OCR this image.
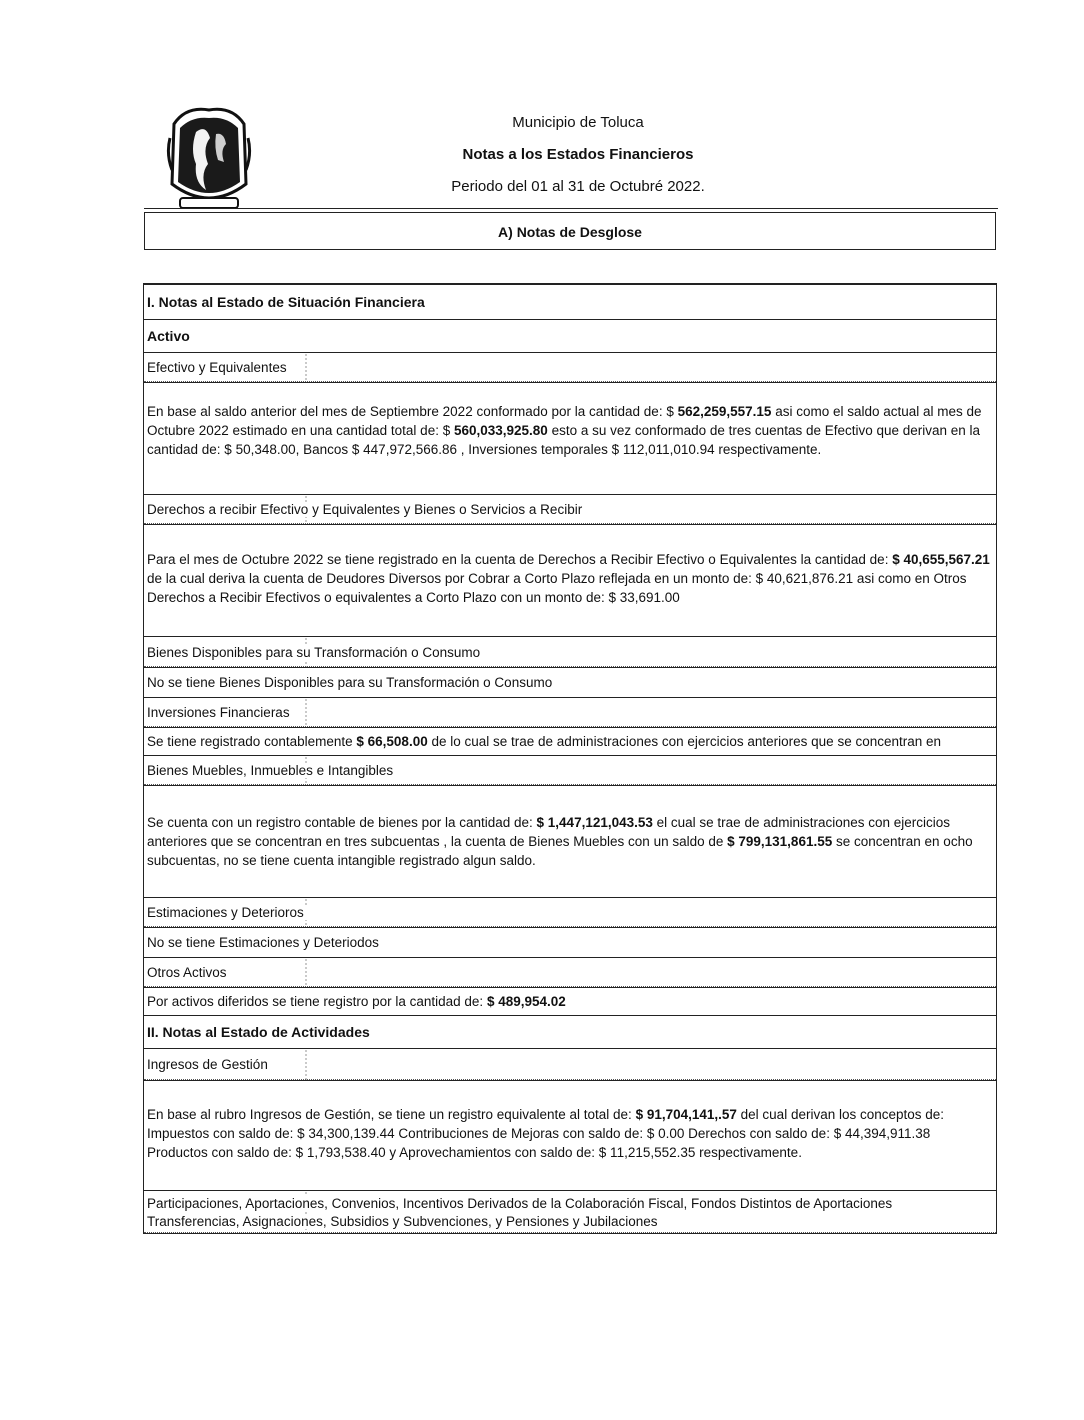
Municipio de Toluca
Notas a los Estados Financieros
Periodo del 01 al 31 de Octubré 2022.
A) Notas de Desglose
I. Notas al Estado de Situación Financiera
Activo
Efectivo y Equivalentes
En base al saldo anterior del mes de Septiembre 2022 conformado por la cantidad de: $ 562,259,557.15 asi como el saldo actual al mes de Octubre 2022 estimado en una cantidad total de: $ 560,033,925.80 esto a su vez conformado de tres cuentas de Efectivo que derivan en la cantidad de: $ 50,348.00, Bancos $ 447,972,566.86 , Inversiones temporales $ 112,011,010.94 respectivamente.
Derechos a recibir Efectivo y Equivalentes y Bienes o Servicios a Recibir
Para el mes de Octubre 2022 se tiene registrado en la cuenta de Derechos a Recibir Efectivo o Equivalentes la cantidad de: $ 40,655,567.21 de la cual deriva la cuenta de Deudores Diversos por Cobrar a Corto Plazo reflejada en un monto de: $ 40,621,876.21 asi como en Otros Derechos a Recibir Efectivos o equivalentes a Corto Plazo con un monto de: $ 33,691.00
Bienes Disponibles para su Transformación o Consumo
No se tiene Bienes Disponibles para su Transformación o Consumo
Inversiones Financieras
Se tiene registrado contablemente $ 66,508.00 de lo cual se trae de administraciones con ejercicios anteriores que se concentran en
Bienes Muebles, Inmuebles e Intangibles
Se cuenta con un registro contable de bienes por la cantidad de: $ 1,447,121,043.53 el cual se trae de administraciones con ejercicios anteriores que se concentran en tres subcuentas , la cuenta de Bienes Muebles con un saldo de $ 799,131,861.55 se concentran en ocho subcuentas, no se tiene cuenta intangible registrado algun saldo.
Estimaciones y Deterioros
No se tiene Estimaciones y Deteriodos
Otros Activos
Por activos diferidos se tiene registro por la cantidad de: $ 489,954.02
II. Notas al Estado de Actividades
Ingresos de Gestión
En base al rubro Ingresos de Gestión, se tiene un registro equivalente al total de: $ 91,704,141,.57 del cual derivan los conceptos de: Impuestos con saldo de: $ 34,300,139.44 Contribuciones de Mejoras con saldo de: $ 0.00 Derechos con saldo de: $ 44,394,911.38 Productos con saldo de: $ 1,793,538.40 y Aprovechamientos con saldo de: $ 11,215,552.35 respectivamente.
Participaciones, Aportaciones, Convenios, Incentivos Derivados de la Colaboración Fiscal, Fondos Distintos de Aportaciones
Transferencias, Asignaciones, Subsidios y Subvenciones, y Pensiones y Jubilaciones
